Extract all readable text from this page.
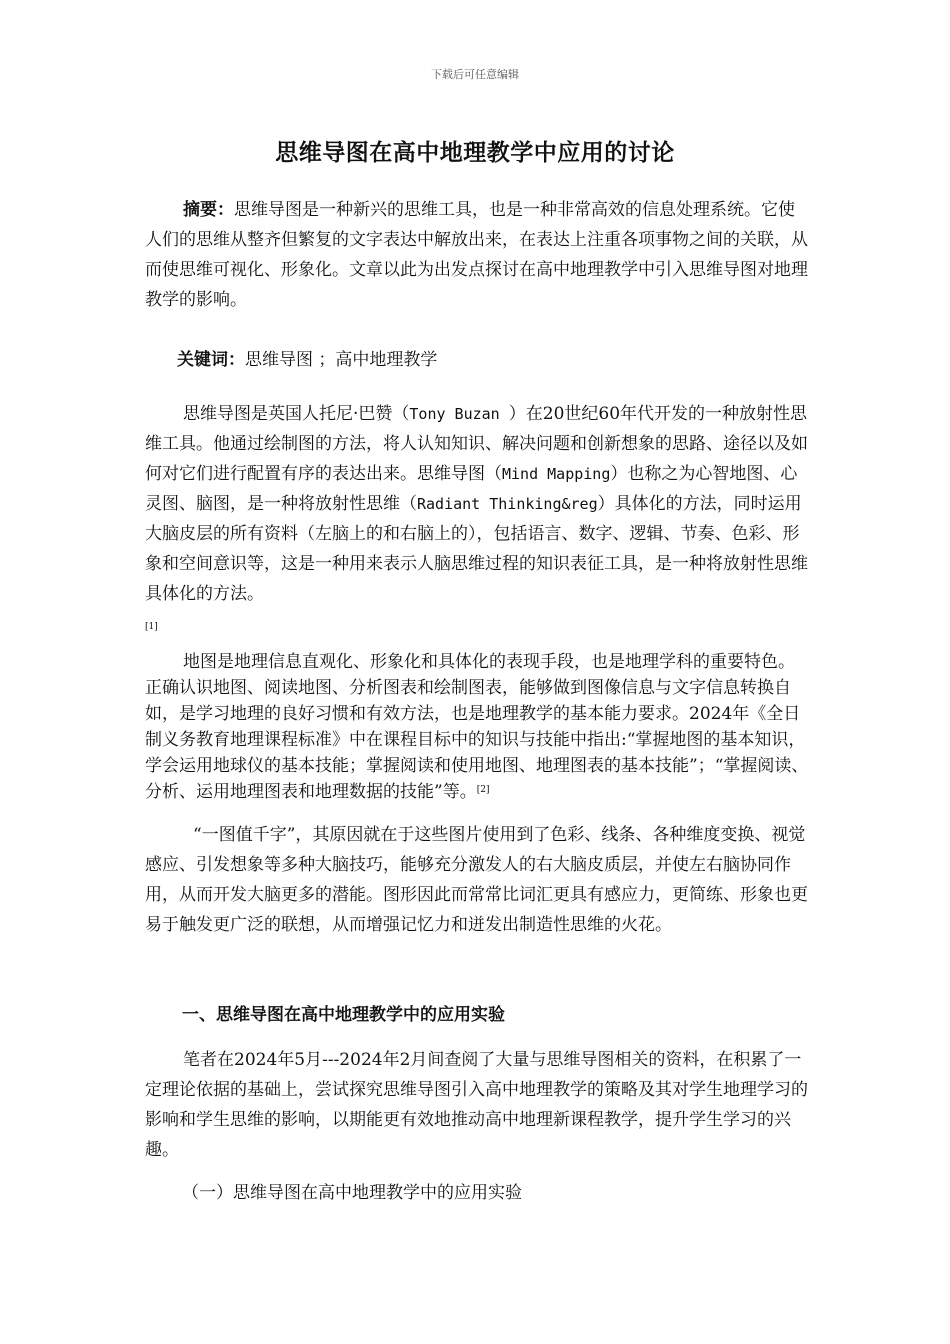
下载后可任意编辑
思维导图在高中地理教学中应用的讨论
摘要：思维导图是一种新兴的思维工具，也是一种非常高效的信息处理系统。它使人们的思维从整齐但繁复的文字表达中解放出来，在表达上注重各项事物之间的关联，从而使思维可视化、形象化。文章以此为出发点探讨在高中地理教学中引入思维导图对地理教学的影响。
关键词：思维导图 ；高中地理教学
思维导图是英国人托尼·巴赞（Tony Buzan ）在20世纪60年代开发的一种放射性思维工具。他通过绘制图的方法，将人认知知识、解决问题和创新想象的思路、途径以及如何对它们进行配置有序的表达出来。思维导图（Mind Mapping）也称之为心智地图、心灵图、脑图，是一种将放射性思维（Radiant Thinking&reg）具体化的方法，同时运用大脑皮层的所有资料（左脑上的和右脑上的），包括语言、数字、逻辑、节奏、色彩、形象和空间意识等，这是一种用来表示人脑思维过程的知识表征工具，是一种将放射性思维具体化的方法。
[1]
地图是地理信息直观化、形象化和具体化的表现手段，也是地理学科的重要特色。正确认识地图、阅读地图、分析图表和绘制图表，能够做到图像信息与文字信息转换自如，是学习地理的良好习惯和有效方法，也是地理教学的基本能力要求。2024年《全日制义务教育地理课程标准》中在课程目标中的知识与技能中指出:“掌握地图的基本知识，学会运用地球仪的基本技能；掌握阅读和使用地图、地理图表的基本技能”；“掌握阅读、分析、运用地理图表和地理数据的技能”等。[2]
“一图值千字”，其原因就在于这些图片使用到了色彩、线条、各种维度变换、视觉感应、引发想象等多种大脑技巧，能够充分激发人的右大脑皮质层，并使左右脑协同作用，从而开发大脑更多的潜能。图形因此而常常比词汇更具有感应力，更简练、形象也更易于触发更广泛的联想，从而增强记忆力和迸发出制造性思维的火花。
一、思维导图在高中地理教学中的应用实验
笔者在2024年5月---2024年2月间查阅了大量与思维导图相关的资料，在积累了一定理论依据的基础上，尝试探究思维导图引入高中地理教学的策略及其对学生地理学习的影响和学生思维的影响，以期能更有效地推动高中地理新课程教学，提升学生学习的兴趣。
（一）思维导图在高中地理教学中的应用实验
